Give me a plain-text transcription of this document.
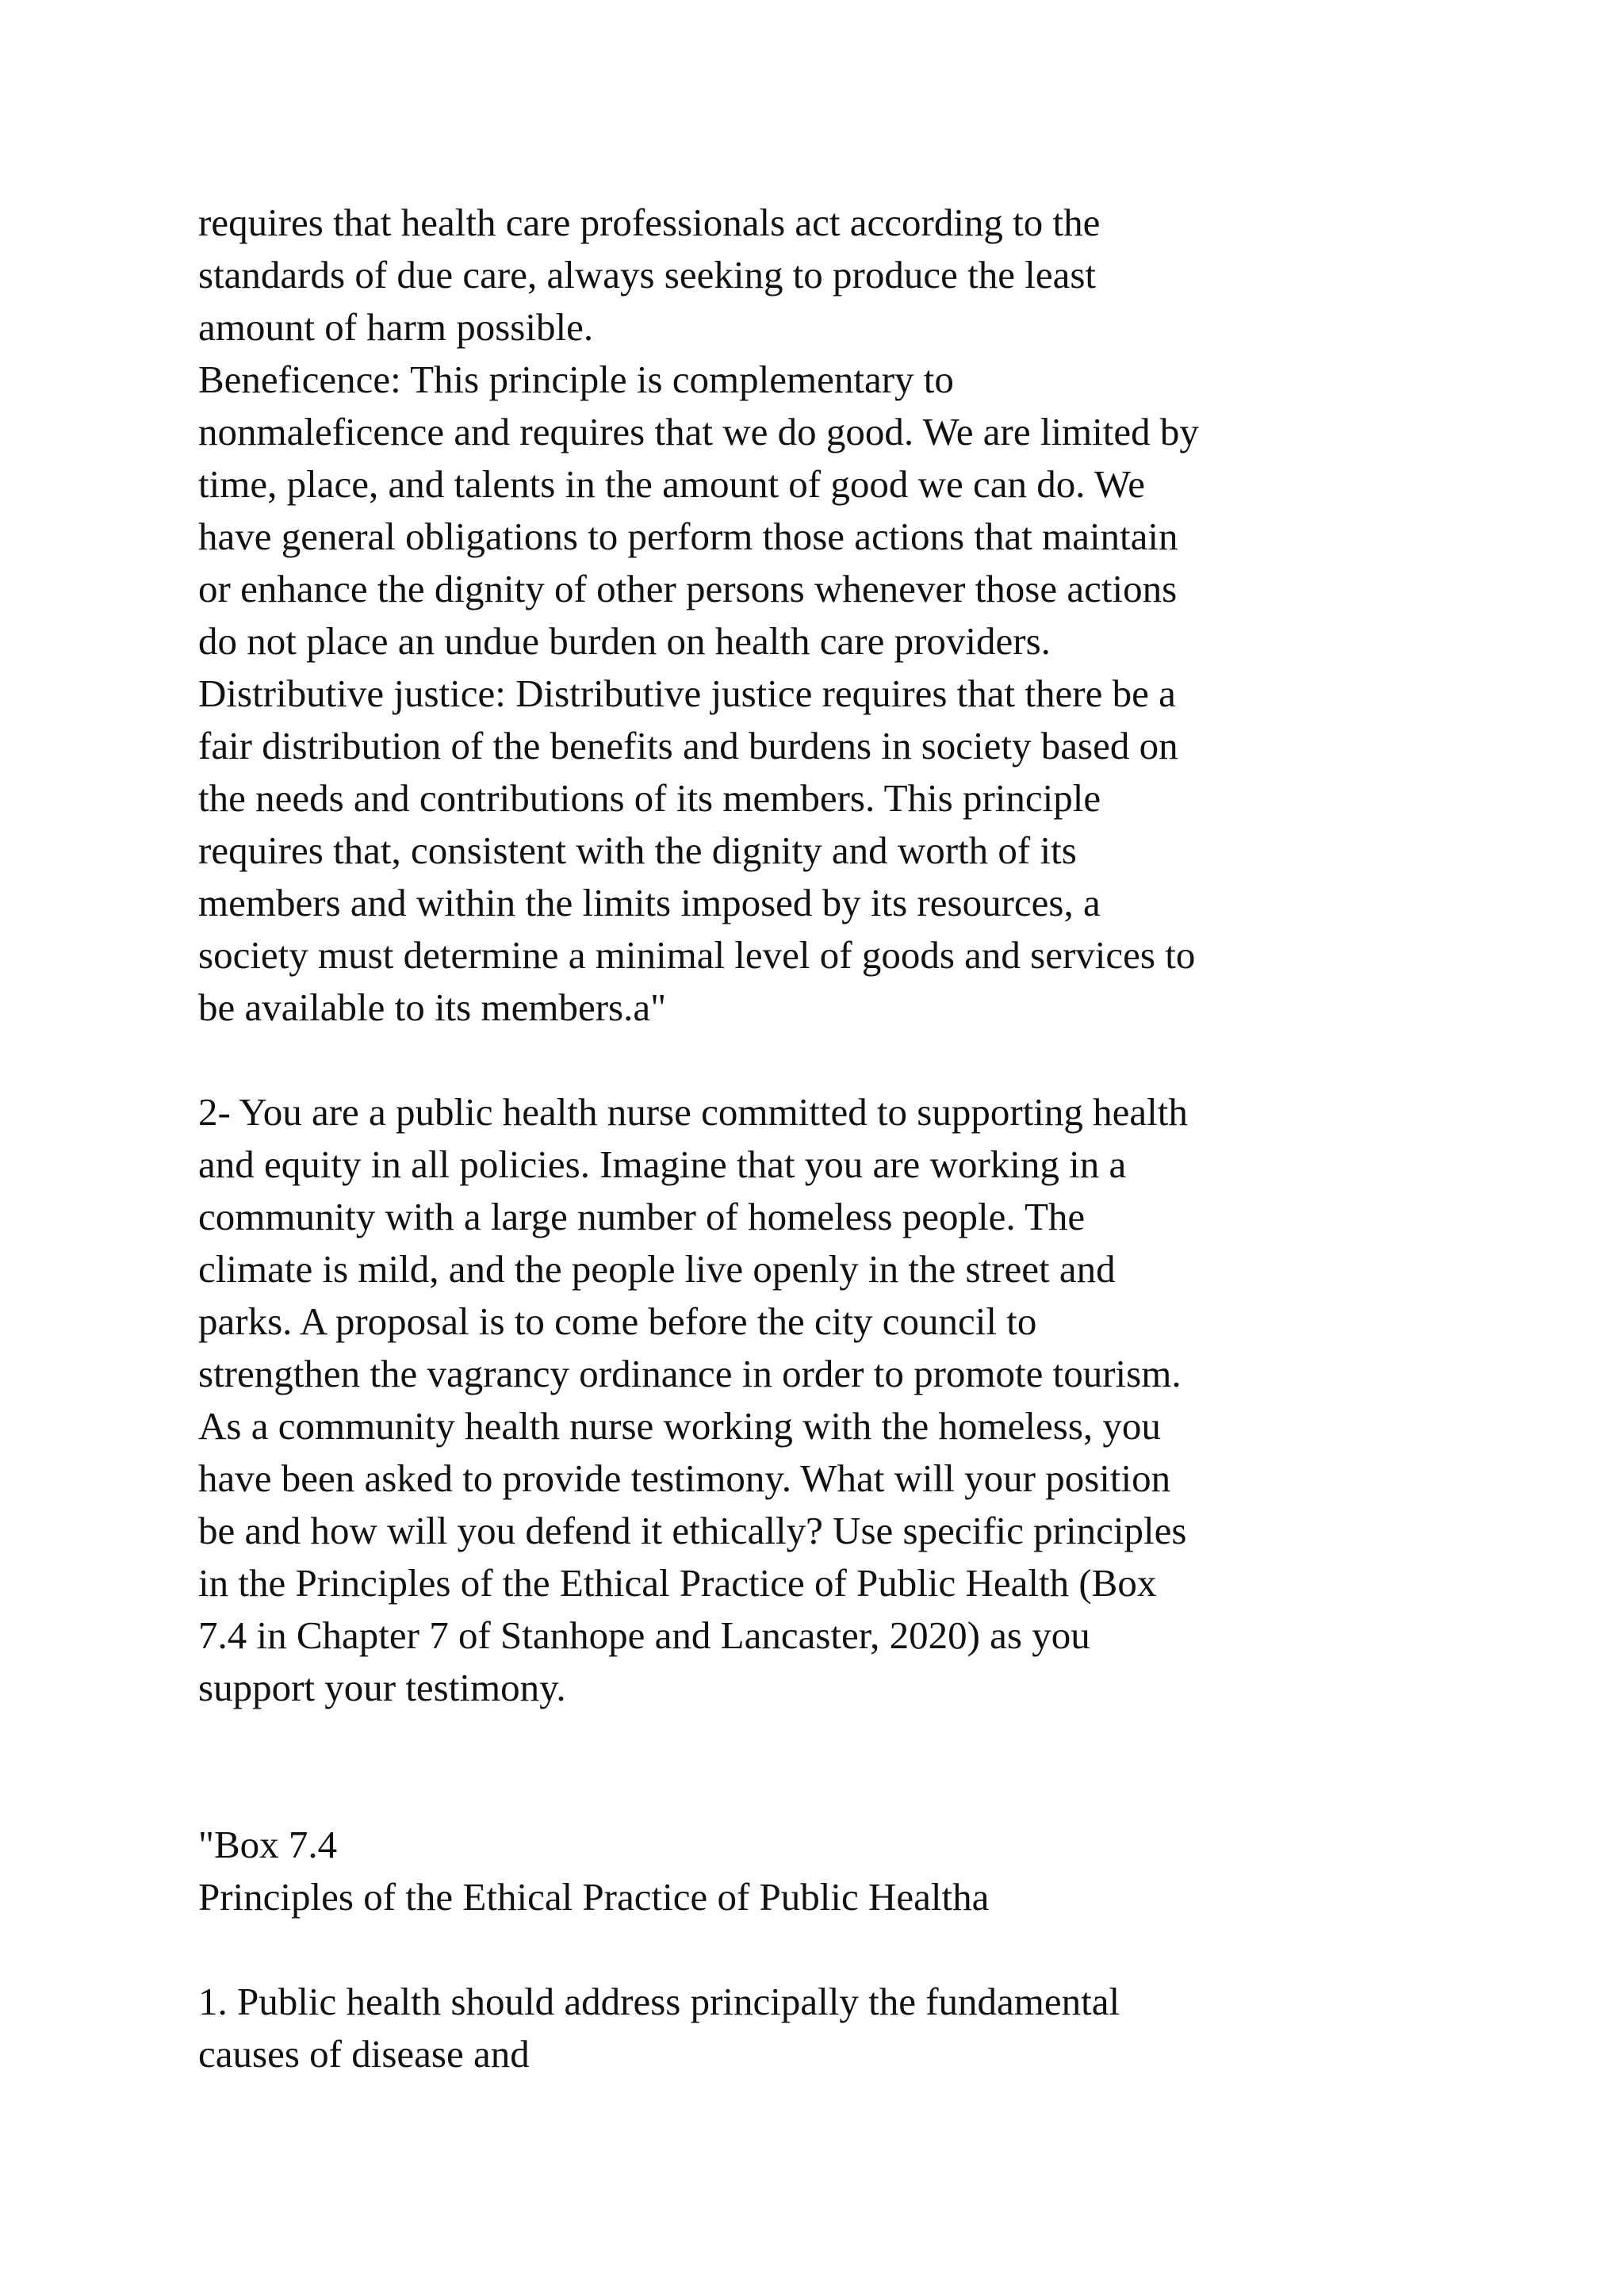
requires that health care professionals act according to the

standards of due care, always seeking to produce the least

amount of harm possible.

Beneficence: This principle is complementary to

nonmaleficence and requires that we do good. We are limited by

time, place, and talents in the amount of good we can do. We

have general obligations to perform those actions that maintain

or enhance the dignity of other persons whenever those actions

do not place an undue burden on health care providers.

Distributive justice: Distributive justice requires that there be a

fair distribution of the benefits and burdens in society based on

the needs and contributions of its members. This principle

requires that, consistent with the dignity and worth of its

members and within the limits imposed by its resources, a

society must determine a minimal level of goods and services to

be available to its members.a"

2- You are a public health nurse committed to supporting health

and equity in all policies. Imagine that you are working in a

community with a large number of homeless people. The

climate is mild, and the people live openly in the street and

parks. A proposal is to come before the city council to

strengthen the vagrancy ordinance in order to promote tourism.

As a community health nurse working with the homeless, you

have been asked to provide testimony. What will your position

be and how will you defend it ethically? Use specific principles

in the Principles of the Ethical Practice of Public Health (Box

7.4 in Chapter 7 of Stanhope and Lancaster, 2020) as you

support your testimony.

"Box 7.4

Principles of the Ethical Practice of Public Healtha

1. Public health should address principally the fundamental

causes of disease and
